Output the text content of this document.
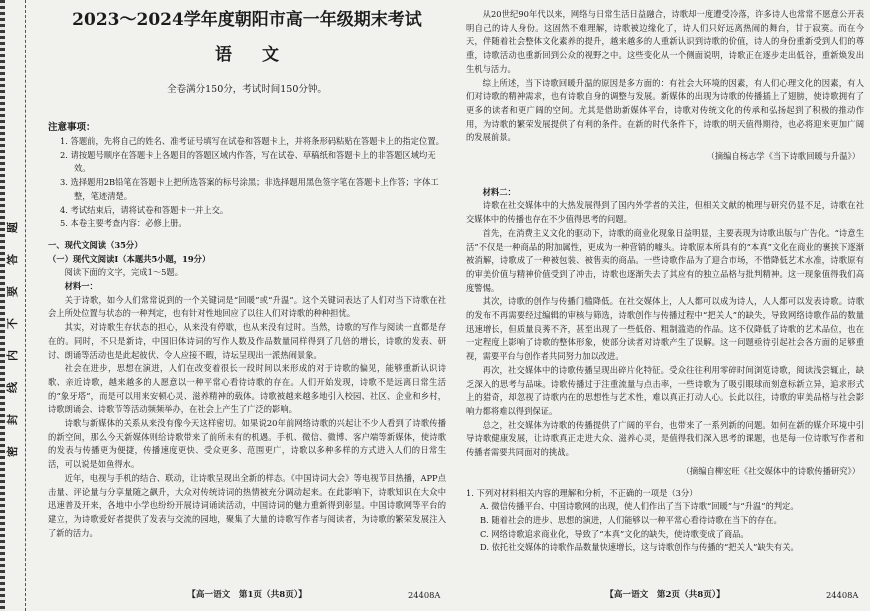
密封线内不要答题
2023～2024学年度朝阳市高一年级期末考试
语文
全卷满分150分，考试时间150分钟。
注意事项：
1. 答题前，先将自己的姓名、准考证号填写在试卷和答题卡上，并将条形码粘贴在答题卡上的指定位置。
2. 请按题号顺序在答题卡上各题目的答题区域内作答，写在试卷、草稿纸和答题卡上的非答题区域均无效。
3. 选择题用2B铅笔在答题卡上把所选答案的标号涂黑；非选择题用黑色签字笔在答题卡上作答；字体工整，笔迹清楚。
4. 考试结束后，请将试卷和答题卡一并上交。
5. 本卷主要考查内容：必修上册。
一、现代文阅读（35分）
（一）现代文阅读Ⅰ（本题共5小题，19分）
阅读下面的文字，完成1～5题。
材料一：

关于诗歌，如今人们常常说到的一个关键词是“回暖”或“升温”。这个关键词表达了人们对当下诗歌在社会上所处位置与状态的一种判定，也有针对性地回应了以往人们对诗歌的种种担忧。

其实，对诗歌生存状态的担心，从来没有停歇，也从来没有过时。当然，诗歌的写作与阅读一直都是存在的。同时，不只是新诗，中国旧体诗词的写作人数及作品数量同样得到了几倍的增长，诗歌的发表、研讨、朗诵等活动也是此起彼伏、令人应接不暇，诗坛呈现出一派热闹景象。

社会在进步，思想在演进，人们在改变着很长一段时间以来形成的对于诗歌的偏见，能够重新认识诗歌、亲近诗歌，越来越多的人愿意以一种平常心看待诗歌的存在。人们开始发现，诗歌不是远离日常生活的“象牙塔”，而是可以用来安顿心灵、滋养精神的载体。诗歌被越来越多地引入校园、社区、企业和乡村，诗歌朗诵会、诗歌节等活动频频举办，在社会上产生了广泛的影响。

诗歌与新媒体的关系从来没有像今天这样密切。如果说20年前网络诗歌的兴起让不少人看到了诗歌传播的新空间，那么今天新媒体则给诗歌带来了前所未有的机遇。手机、微信、微博、客户端等新媒体，使诗歌的发表与传播更为便捷，传播速度更快、受众更多、范围更广，诗歌以多种多样的方式进入人们的日常生活，可以说是如鱼得水。

近年，电视与手机的结合、联动，让诗歌呈现出全新的样态。《中国诗词大会》等电视节目热播，APP点击量、评论量与分享量随之飙升，大众对传统诗词的热情被充分调动起来。在此影响下，诗歌知识在大众中迅速普及开来，各地中小学也纷纷开展诗词诵读活动，中国诗词的魅力重新得到彰显。中国诗歌网等平台的建立，为诗歌爱好者提供了发表与交流的园地，聚集了大量的诗歌写作者与阅读者，为诗歌的繁荣发展注入了新的活力。

【高一语文　第1页（共8页）】	24408A

从20世纪90年代以来，网络与日常生活日益融合，诗歌却一度遭受冷落，许多诗人也常常不愿意公开表明自己的诗人身份。这固然不难理解，诗歌被边缘化了，诗人们只好远离热闹的舞台，甘于寂寞。而在今天，伴随着社会整体文化素养的提升，越来越多的人重新认识到诗歌的价值，诗人的身份重新受到人们的尊重，诗歌活动也重新回到公众的视野之中。这些变化从一个侧面说明，诗歌正在逐步走出低谷，重新焕发出生机与活力。

综上所述，当下诗歌回暖升温的原因是多方面的：有社会大环境的因素，有人们心理文化的因素，有人们对诗歌的精神需求，也有诗歌自身的调整与发展。新媒体的出现为诗歌的传播插上了翅膀，使诗歌拥有了更多的读者和更广阔的空间。尤其是借助新媒体平台，诗歌对传统文化的传承和弘扬起到了积极的推动作用，为诗歌的繁荣发展提供了有利的条件。在新的时代条件下，诗歌的明天值得期待，也必将迎来更加广阔的发展前景。

（摘编自杨志学《当下诗歌回暖与升温》）
材料二：

诗歌在社交媒体中的大热发展得到了国内外学者的关注，但相关文献的梳理与研究仍显不足，诗歌在社交媒体中的传播也存在不少值得思考的问题。

首先，在消费主义文化的驱动下，诗歌的商业化现象日益明显，主要表现为诗歌出版与广告化。“诗意生活”不仅是一种商品的附加属性，更成为一种营销的噱头。诗歌原本所具有的“本真”文化在商业的裹挟下逐渐被消解，诗歌成了一种被包装、被售卖的商品。一些诗歌作品为了迎合市场，不惜降低艺术水准，诗歌原有的审美价值与精神价值受到了冲击，诗歌也逐渐失去了其应有的独立品格与批判精神。这一现象值得我们高度警惕。

其次，诗歌的创作与传播门槛降低。在社交媒体上，人人都可以成为诗人，人人都可以发表诗歌。诗歌的发布不再需要经过编辑的审核与筛选，诗歌创作与传播过程中“把关人”的缺失，导致网络诗歌作品的数量迅速增长，但质量良莠不齐，甚至出现了一些低俗、粗制滥造的作品。这不仅降低了诗歌的艺术品位，也在一定程度上影响了诗歌的整体形象，使部分读者对诗歌产生了误解。这一问题亟待引起社会各方面的足够重视，需要平台与创作者共同努力加以改进。

再次，社交媒体中的诗歌传播呈现出碎片化特征。受众往往利用零碎时间浏览诗歌，阅读浅尝辄止，缺乏深入的思考与品味。诗歌传播过于注重流量与点击率，一些诗歌为了吸引眼球而刻意标新立异，追求形式上的猎奇，却忽视了诗歌内在的思想性与艺术性，难以真正打动人心。长此以往，诗歌的审美品格与社会影响力都将难以得到保证。

总之，社交媒体为诗歌的传播提供了广阔的平台，也带来了一系列新的问题。如何在新的媒介环境中引导诗歌健康发展，让诗歌真正走进大众、滋养心灵，是值得我们深入思考的课题，也是每一位诗歌写作者和传播者需要共同面对的挑战。

（摘编自柳宏旺《社交媒体中的诗歌传播研究》）
1. 下列对材料相关内容的理解和分析，不正确的一项是（3分）
A. 微信传播平台、中国诗歌网的出现，使人们作出了当下诗歌“回暖”与“升温”的判定。
B. 随着社会的进步、思想的演进，人们能够以一种平常心看待诗歌在当下的存在。
C. 网络诗歌追求商业化，导致了“本真”文化的缺失，使诗歌变成了商品。
D. 依托社交媒体的诗歌作品数量快速增长，这与诗歌创作与传播的“把关人”缺失有关。
【高一语文　第2页（共8页）】	24408A
